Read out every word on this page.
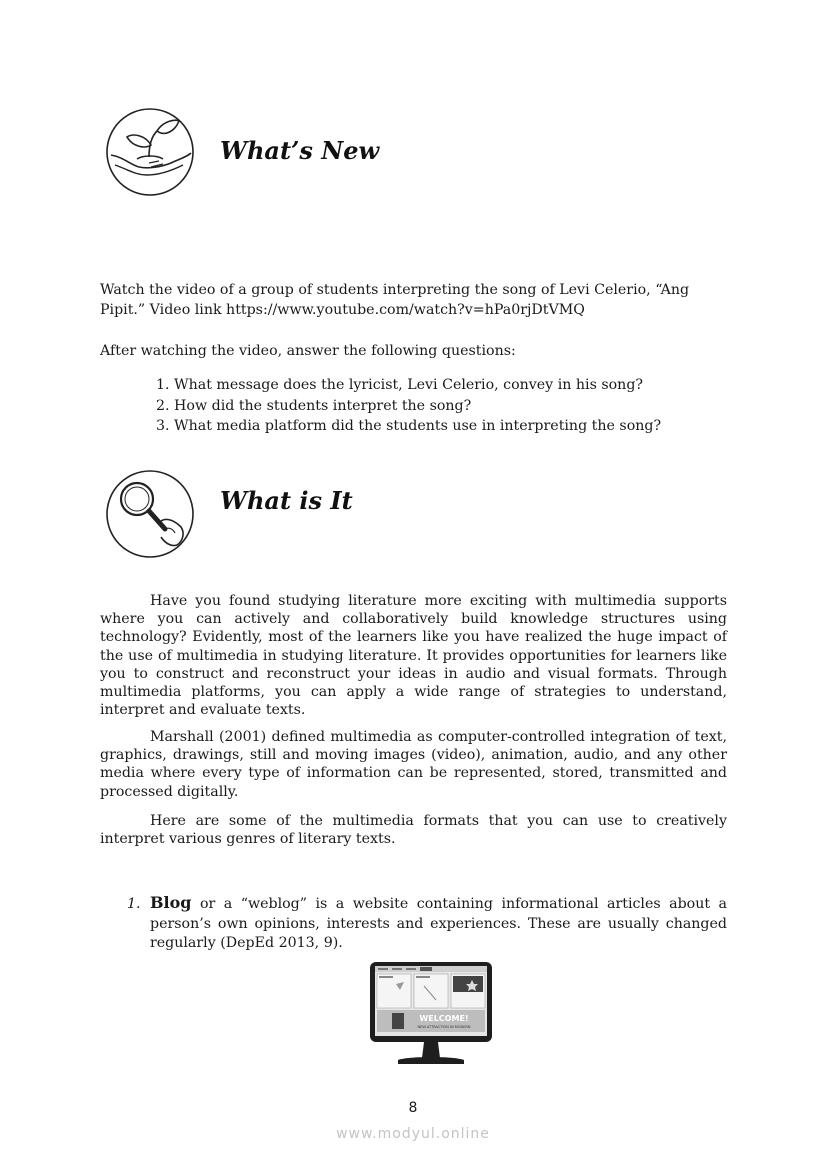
What’s New
Watch the video of a group of students interpreting the song of Levi Celerio, “Ang Pipit.” Video link https://www.youtube.com/watch?v=hPa0rjDtVMQ
After watching the video, answer the following questions:
1. What message does the lyricist, Levi Celerio, convey in his song?
2. How did the students interpret the song?
3. What media platform did the students use in interpreting the song?
What is It
Have you found studying literature more exciting with multimedia supports where you can actively and collaboratively build knowledge structures using technology? Evidently, most of the learners like you have realized the huge impact of the use of multimedia in studying literature. It provides opportunities for learners like you to construct and reconstruct your ideas in audio and visual formats. Through multimedia platforms, you can apply a wide range of strategies to understand, interpret and evaluate texts.
Marshall (2001) defined multimedia as computer-controlled integration of text, graphics, drawings, still and moving images (video), animation, audio, and any other media where every type of information can be represented, stored, transmitted and processed digitally.
Here are some of the multimedia formats that you can use to creatively interpret various genres of literary texts.
1. Blog or a “weblog” is a website containing informational articles about a person’s own opinions, interests and experiences. These are usually changed regularly (DepEd 2013, 9).
WELCOME!
NEW ATTRACTION IN MODERN
8
www.modyul.online
